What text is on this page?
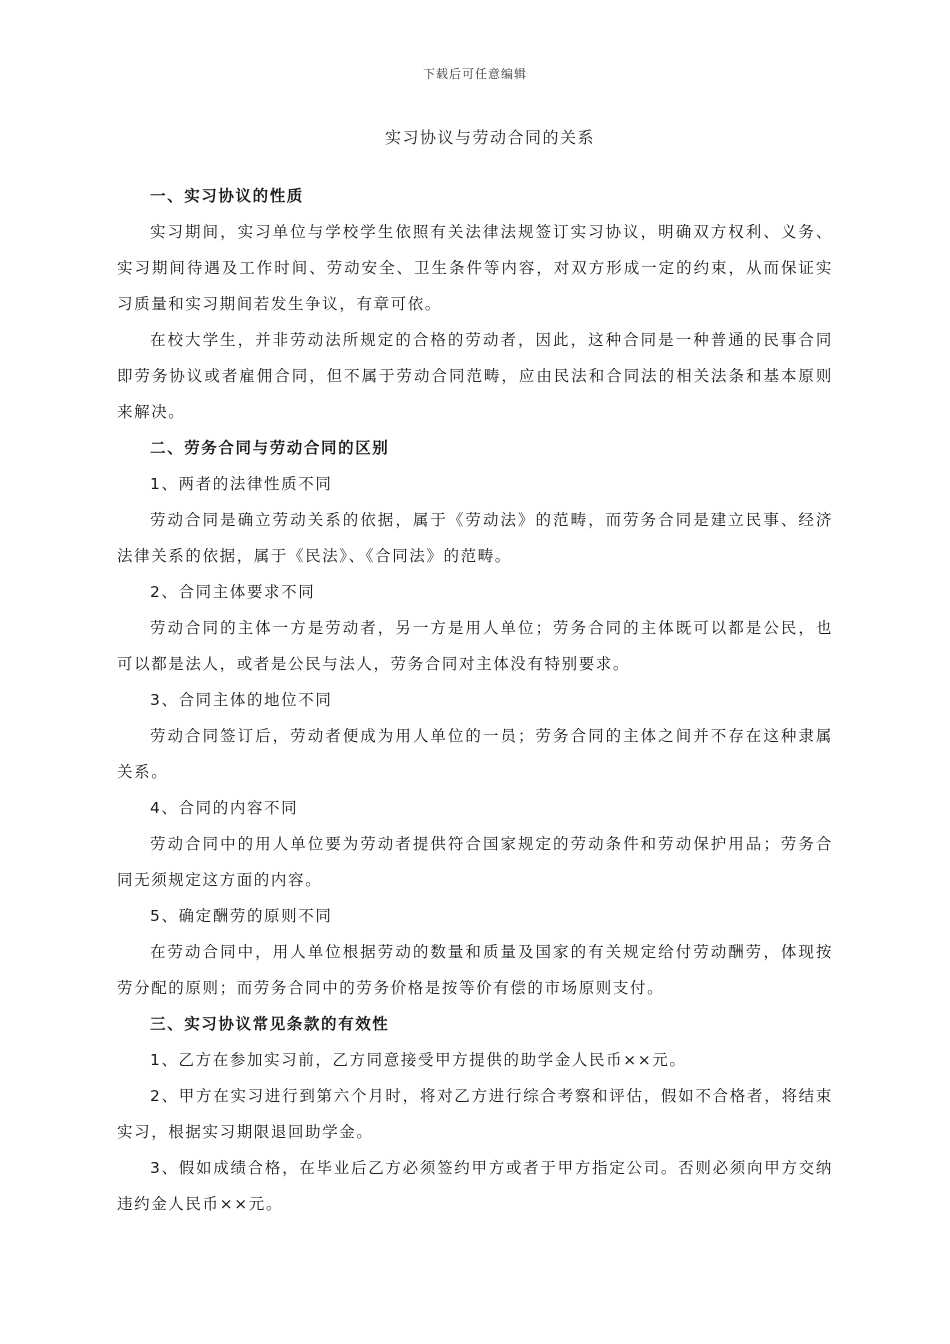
下载后可任意编辑
实习协议与劳动合同的关系

一、实习协议的性质

实习期间，实习单位与学校学生依照有关法律法规签订实习协议，明确双方权利、义务、实习期间待遇及工作时间、劳动安全、卫生条件等内容，对双方形成一定的约束，从而保证实习质量和实习期间若发生争议，有章可依。

在校大学生，并非劳动法所规定的合格的劳动者，因此，这种合同是一种普通的民事合同即劳务协议或者雇佣合同，但不属于劳动合同范畴，应由民法和合同法的相关法条和基本原则来解决。

二、劳务合同与劳动合同的区别

1、两者的法律性质不同

劳动合同是确立劳动关系的依据，属于《劳动法》的范畴，而劳务合同是建立民事、经济法律关系的依据，属于《民法》、《合同法》的范畴。

2、合同主体要求不同

劳动合同的主体一方是劳动者，另一方是用人单位；劳务合同的主体既可以都是公民，也可以都是法人，或者是公民与法人，劳务合同对主体没有特别要求。

3、合同主体的地位不同

劳动合同签订后，劳动者便成为用人单位的一员；劳务合同的主体之间并不存在这种隶属关系。

4、合同的内容不同

劳动合同中的用人单位要为劳动者提供符合国家规定的劳动条件和劳动保护用品；劳务合同无须规定这方面的内容。

5、确定酬劳的原则不同

在劳动合同中，用人单位根据劳动的数量和质量及国家的有关规定给付劳动酬劳，体现按劳分配的原则；而劳务合同中的劳务价格是按等价有偿的市场原则支付。

三、实习协议常见条款的有效性

1、乙方在参加实习前，乙方同意接受甲方提供的助学金人民币××元。

2、甲方在实习进行到第六个月时，将对乙方进行综合考察和评估，假如不合格者，将结束实习，根据实习期限退回助学金。

3、假如成绩合格，在毕业后乙方必须签约甲方或者于甲方指定公司。否则必须向甲方交纳违约金人民币××元。
